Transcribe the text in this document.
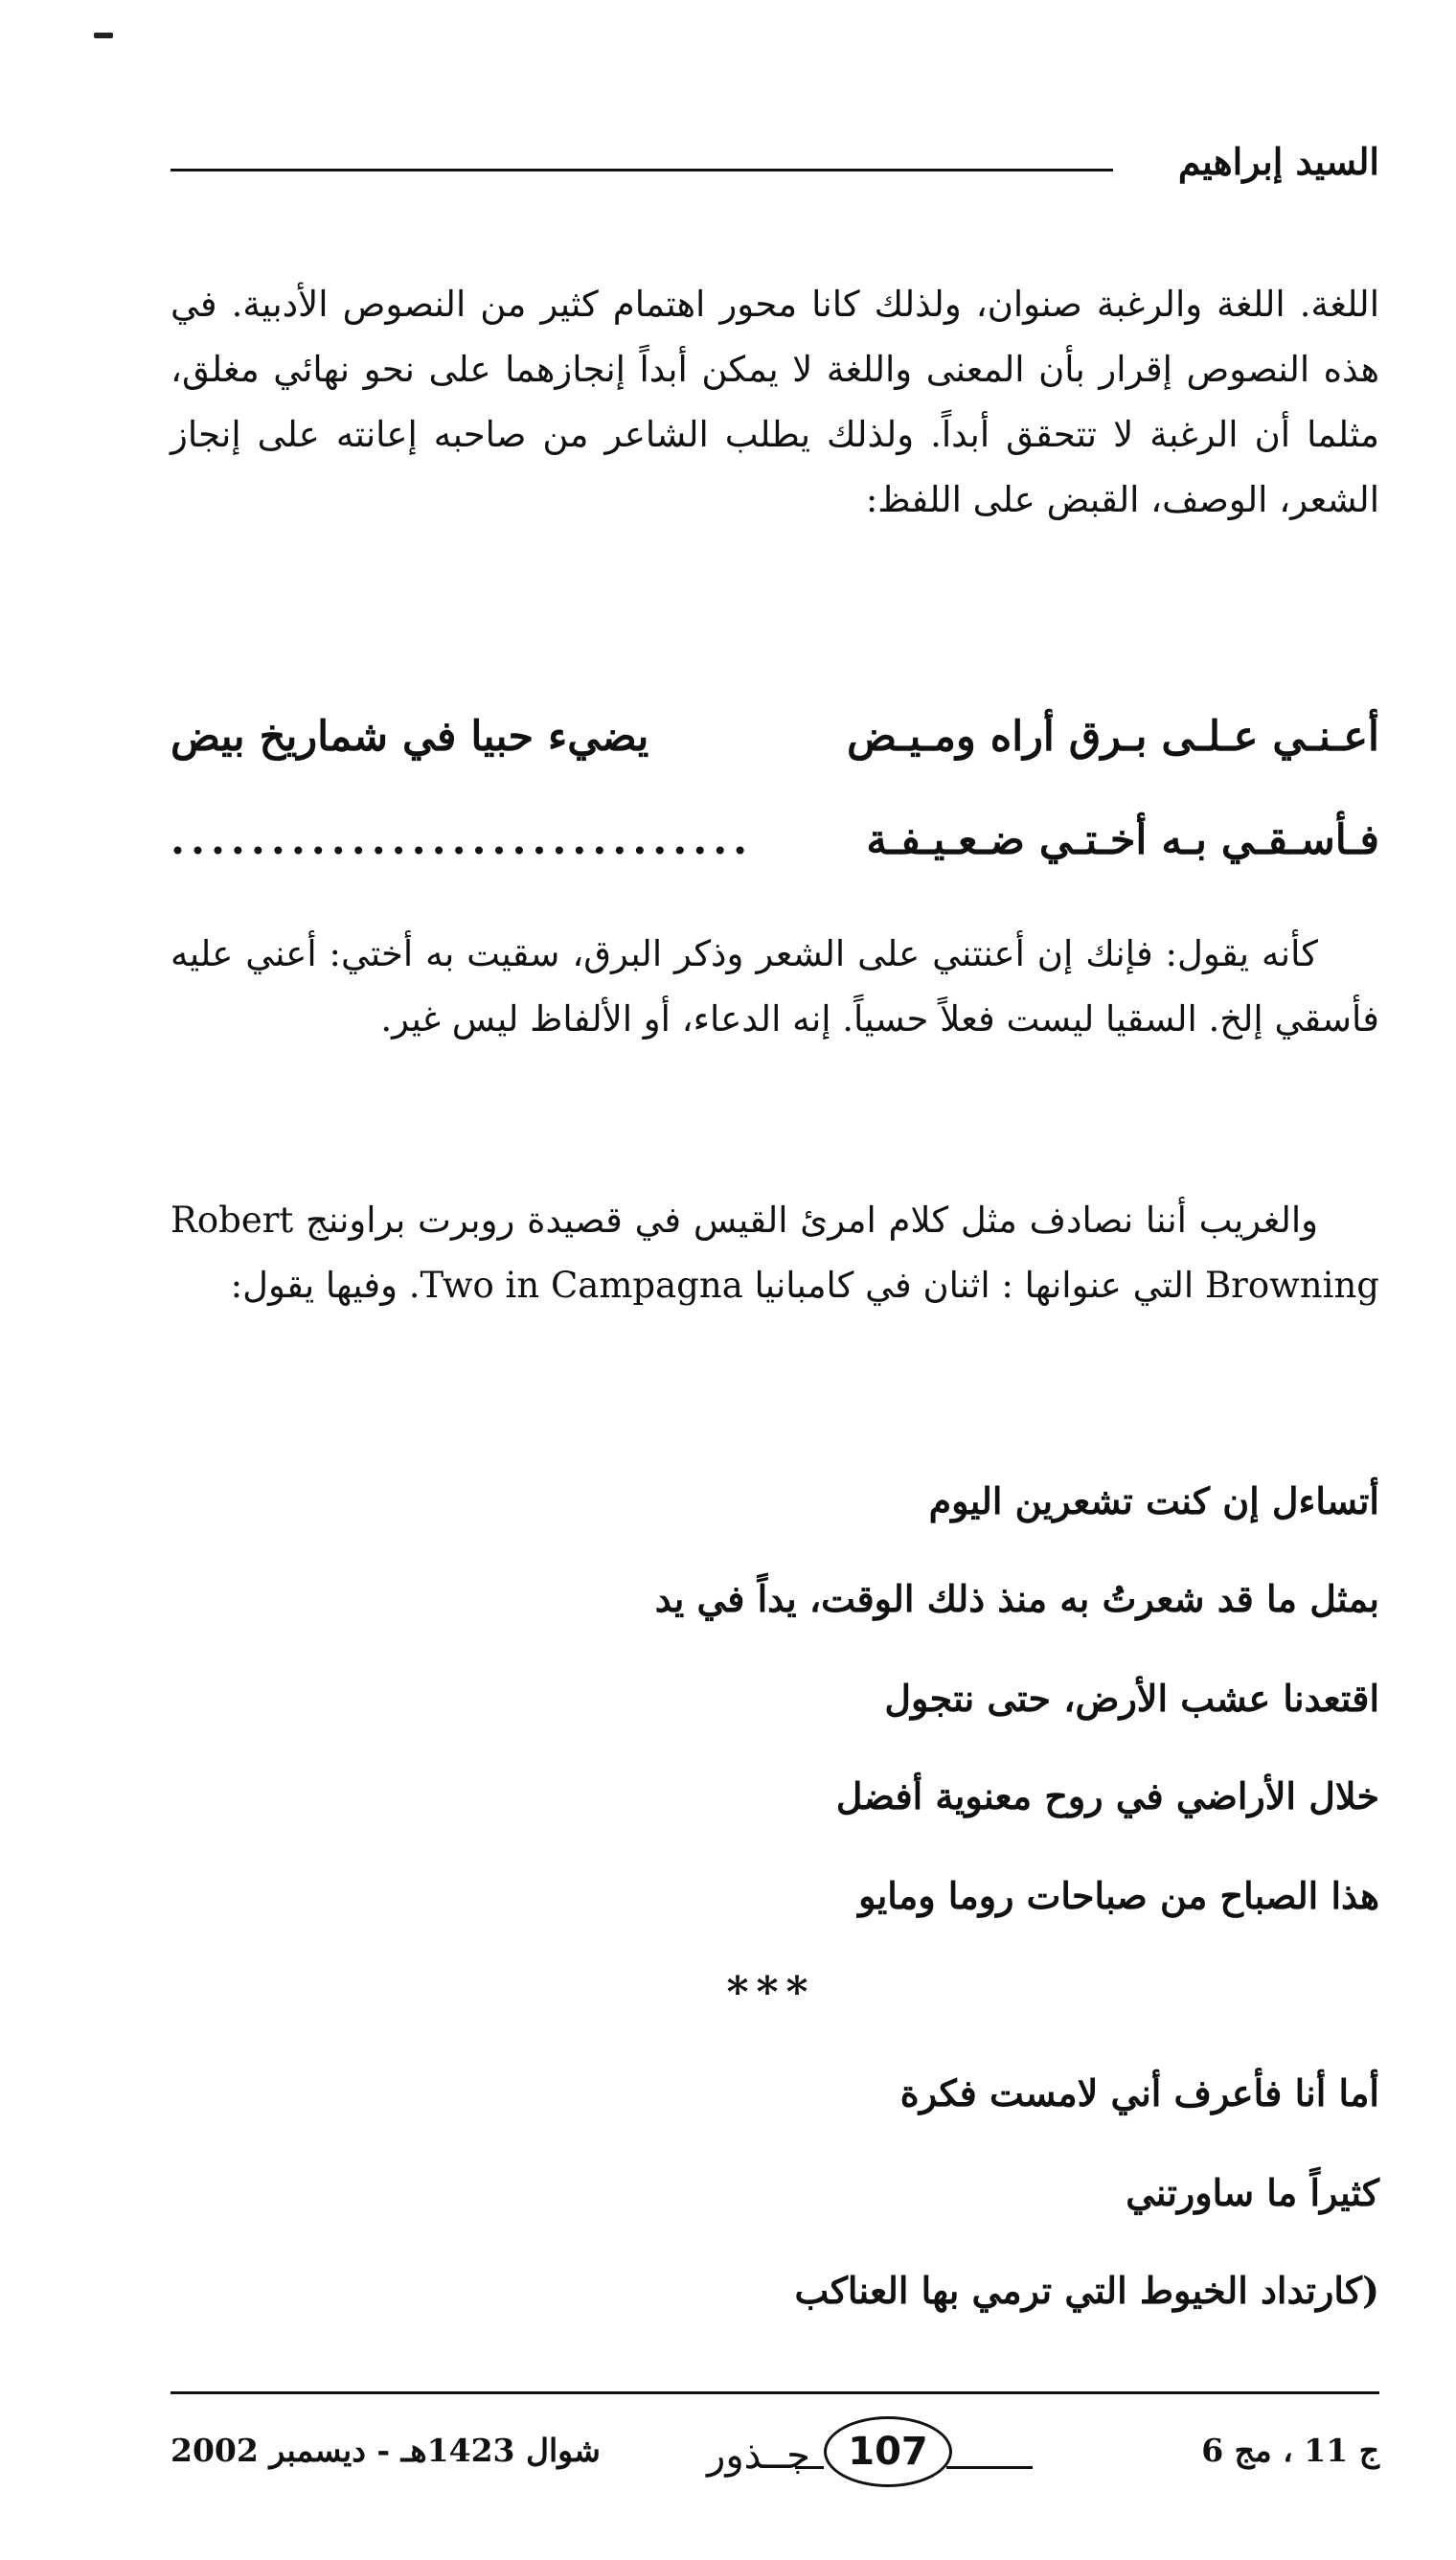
السيد إبراهيم

اللغة. اللغة والرغبة صنوان، ولذلك كانا محور اهتمام كثير من النصوص الأدبية. في هذه النصوص إقرار بأن المعنى واللغة لا يمكن أبداً إنجازهما على نحو نهائي مغلق، مثلما أن الرغبة لا تتحقق أبداً. ولذلك يطلب الشاعر من صاحبه إعانته على إنجاز الشعر، الوصف، القبض على اللفظ:

أعـنـي عـلـى بـرق أراه ومـيـض
يضيء حبيا في شماريخ بيض
فـأسـقـي بـه أخـتـي ضـعـيـفـة
.............................

كأنه يقول: فإنك إن أعنتني على الشعر وذكر البرق، سقيت به أختي: أعني عليه فأسقي إلخ. السقيا ليست فعلاً حسياً. إنه الدعاء، أو الألفاظ ليس غير.

والغريب أننا نصادف مثل كلام امرئ القيس في قصيدة روبرت براوننج Robert Browning التي عنوانها : اثنان في كامبانيا Two in Campagna. وفيها يقول:

أتساءل إن كنت تشعرين اليوم
بمثل ما قد شعرتُ به منذ ذلك الوقت، يداً في يد
اقتعدنا عشب الأرض، حتى نتجول
خلال الأراضي في روح معنوية أفضل
هذا الصباح من صباحات روما ومايو
***
أما أنا فأعرف أني لامست فكرة
كثيراً ما ساورتني
(كارتداد الخيوط التي ترمي بها العناكب
ج 11 ، مج 6
جــذور 107
شوال 1423هـ - ديسمبر 2002
